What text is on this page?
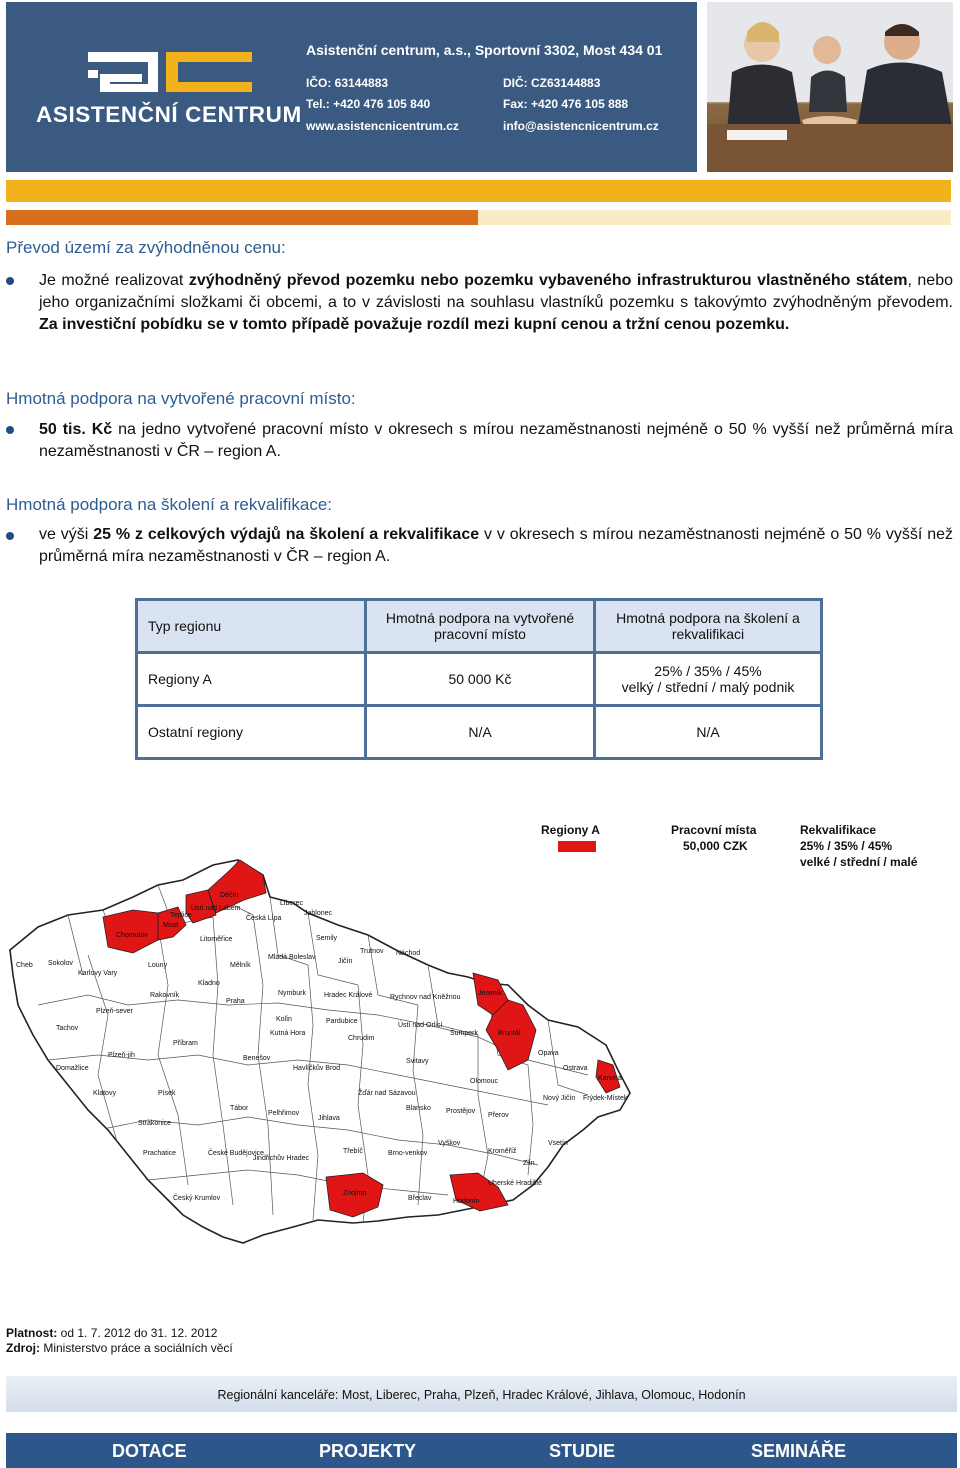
ASISTENČNÍ CENTRUM
Asistenční centrum, a.s., Sportovní 3302, Most 434 01
IČO: 63144883	DIČ: CZ63144883
Tel.: +420 476 105 840	Fax: +420 476 105 888
www.asistencnicentrum.cz	info@asistencnicentrum.cz
Převod území za zvýhodněnou cenu:
Je možné realizovat zvýhodněný převod pozemku nebo pozemku vybaveného infrastrukturou vlastněného státem, nebo jeho organizačními složkami či obcemi, a to v závislosti na souhlasu vlastníků pozemku s takovýmto zvýhodněným převodem. Za investiční pobídku se v tomto případě považuje rozdíl mezi kupní cenou a tržní cenou pozemku.
Hmotná podpora na vytvořené pracovní místo:
50 tis. Kč na jedno vytvořené pracovní místo v okresech s mírou nezaměstnanosti nejméně o 50 % vyšší než průměrná míra nezaměstnanosti v ČR – region A.
Hmotná podpora na školení a rekvalifikace:
ve výši 25 % z celkových výdajů na školení a rekvalifikace v v okresech s mírou nezaměstnanosti nejméně o 50 % vyšší než průměrná míra nezaměstnanosti v ČR – region A.
Typ regionu	Hmotná podpora na vytvořené pracovní místo	Hmotná podpora na školení a rekvalifikaci
Regiony A	50 000 Kč	25% / 35% / 45%
velký / střední / malý podnik

Ostatní regiony	N/A	N/A
Regiony A	Pracovní místa
50,000 CZK
Rekvalifikace
25% / 35% / 45%
velké / střední / malé
Cheb Sokolov
Karlovy Vary
Chomutov
Most
Teplice
Ústí nad Labem
Děčín
Česká Lípa
Liberec
Jablonec
Semily
Jičín
Trutnov Náchod
Litoměřice
Louny	Mělník
Mladá Boleslav
Kladno
Rakovník
Praha
Nymburk	Hradec Králové	Rychnov nad Kněžnou
Tachov
Plzeň-sever
Plzeň-jih
Domažlice
Klatovy
Strakonice
Prachatice
Český Krumlov
České Budějovice
Písek
Tábor
Příbram
Benešov
Kutná Hora
Kolín	Pardubice
Chrudim
Havlíčkův Brod
Jihlava
Pelhřimov
Jindřichův Hradec
Třebíč
Žďár nad Sázavou
Svitavy
Ústí nad Orlicí
Šumperk
Jeseník
Bruntál
Opava
Karviná
Ostrava
Nový Jičín Frýdek-Místek
Olomouc
Prostějov
Přerov
Vsetín
Zlín
Kroměříž
Vyškov
Blansko
Brno-venkov
Znojmo
Břeclav	Hodonín
Uherské Hradiště
Platnost: od 1. 7. 2012 do 31. 12. 2012
Zdroj: Ministerstvo práce a sociálních věcí
Regionální kanceláře: Most, Liberec, Praha, Plzeň, Hradec Králové, Jihlava, Olomouc, Hodonín
DOTACE	PROJEKTY	STUDIE	SEMINÁŘE
